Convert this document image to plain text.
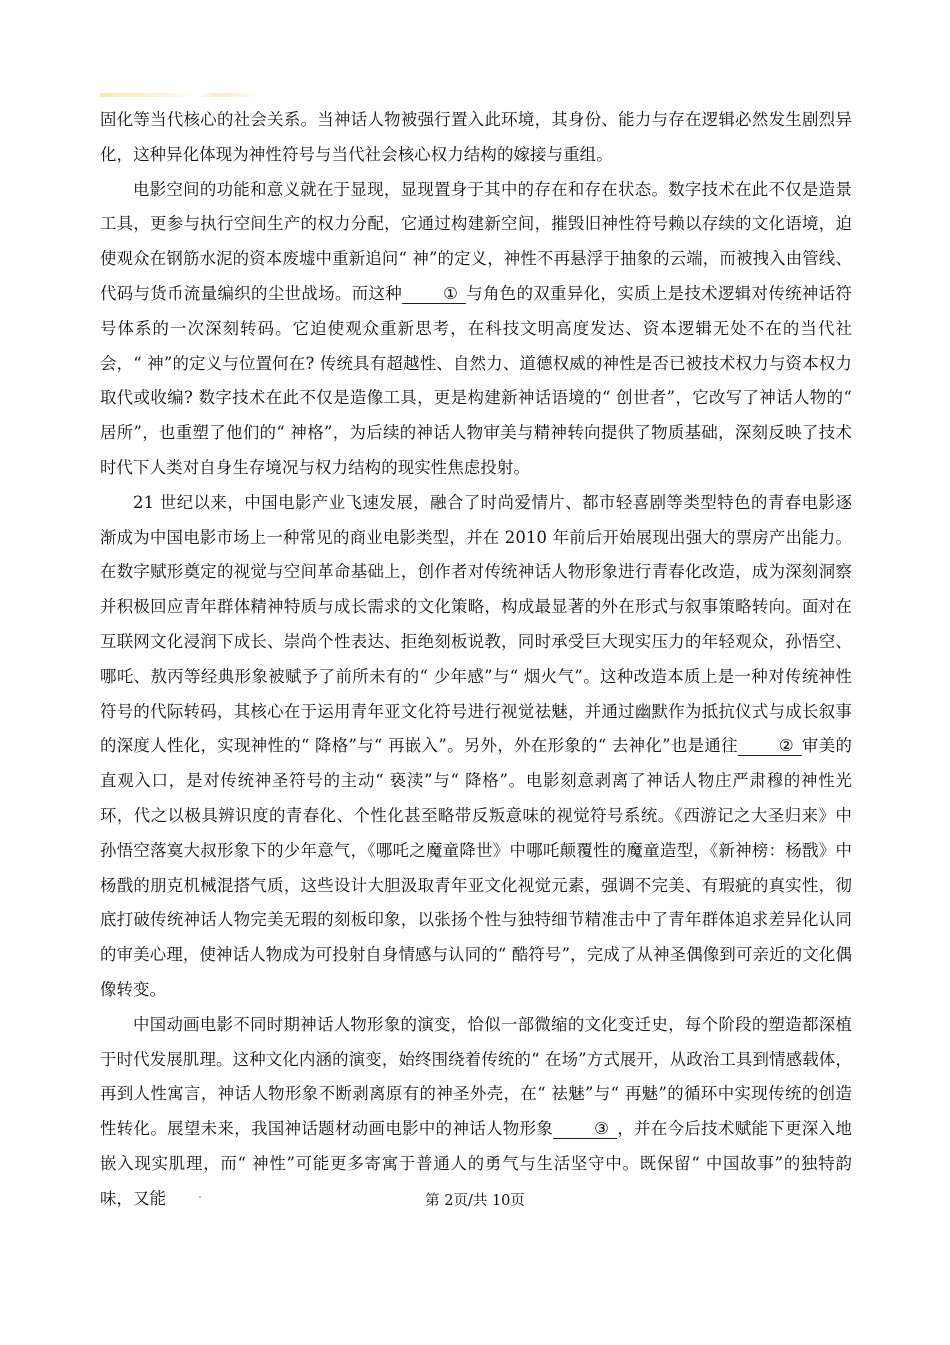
固化等当代核心的社会关系。当神话人物被强行置入此环境，其身份、能力与存在逻辑必然发生剧烈异化，这种异化体现为神性符号与当代社会核心权力结构的嫁接与重组。

电影空间的功能和意义就在于显现，显现置身于其中的存在和存在状态。数字技术在此不仅是造景工具，更参与执行空间生产的权力分配，它通过构建新空间，摧毁旧神性符号赖以存续的文化语境，迫使观众在钢筋水泥的资本废墟中重新追问“ 神”的定义，神性不再悬浮于抽象的云端，而被拽入由管线、代码与货币流量编织的尘世战场。而这种	① 与角色的双重异化，实质上是技术逻辑对传统神话符号体系的一次深刻转码。它迫使观众重新思考，在科技文明高度发达、资本逻辑无处不在的当代社会，“ 神”的定义与位置何在? 传统具有超越性、自然力、道德权威的神性是否已被技术权力与资本权力取代或收编? 数字技术在此不仅是造像工具，更是构建新神话语境的“ 创世者”，它改写了神话人物的“ 居所”，也重塑了他们的“ 神格”，为后续的神话人物审美与精神转向提供了物质基础，深刻反映了技术时代下人类对自身生存境况与权力结构的现实性焦虑投射。

21 世纪以来，中国电影产业飞速发展，融合了时尚爱情片、都市轻喜剧等类型特色的青春电影逐渐成为中国电影市场上一种常见的商业电影类型，并在 2010 年前后开始展现出强大的票房产出能力。在数字赋形奠定的视觉与空间革命基础上，创作者对传统神话人物形象进行青春化改造，成为深刻洞察并积极回应青年群体精神特质与成长需求的文化策略，构成最显著的外在形式与叙事策略转向。面对在互联网文化浸润下成长、崇尚个性表达、拒绝刻板说教，同时承受巨大现实压力的年轻观众，孙悟空、哪吒、敖丙等经典形象被赋予了前所未有的“ 少年感”与“ 烟火气”。这种改造本质上是一种对传统神性符号的代际转码，其核心在于运用青年亚文化符号进行视觉祛魅，并通过幽默作为抵抗仪式与成长叙事的深度人性化，实现神性的“ 降格”与“ 再嵌入”。另外，外在形象的“ 去神化”也是通往	② 审美的直观入口，是对传统神圣符号的主动“ 亵渎”与“ 降格”。电影刻意剥离了神话人物庄严肃穆的神性光环，代之以极具辨识度的青春化、个性化甚至略带反叛意味的视觉符号系统。《西游记之大圣归来》中孙悟空落寞大叔形象下的少年意气，《哪吒之魔童降世》中哪吒颠覆性的魔童造型，《新神榜：杨戬》中杨戬的朋克机械混搭气质，这些设计大胆汲取青年亚文化视觉元素，强调不完美、有瑕疵的真实性，彻底打破传统神话人物完美无瑕的刻板印象，以张扬个性与独特细节精准击中了青年群体追求差异化认同的审美心理，使神话人物成为可投射自身情感与认同的“ 酷符号”，完成了从神圣偶像到可亲近的文化偶像转变。

中国动画电影不同时期神话人物形象的演变，恰似一部微缩的文化变迁史，每个阶段的塑造都深植于时代发展肌理。这种文化内涵的演变，始终围绕着传统的“ 在场”方式展开，从政治工具到情感载体，再到人性寓言，神话人物形象不断剥离原有的神圣外壳，在“ 祛魅”与“ 再魅”的循环中实现传统的创造性转化。展望未来，我国神话题材动画电影中的神话人物形象	③ ，并在今后技术赋能下更深入地嵌入现实肌理，而“ 神性”可能更多寄寓于普通人的勇气与生活坚守中。既保留“ 中国故事”的独特韵味，又能	第 2页/共 10页
